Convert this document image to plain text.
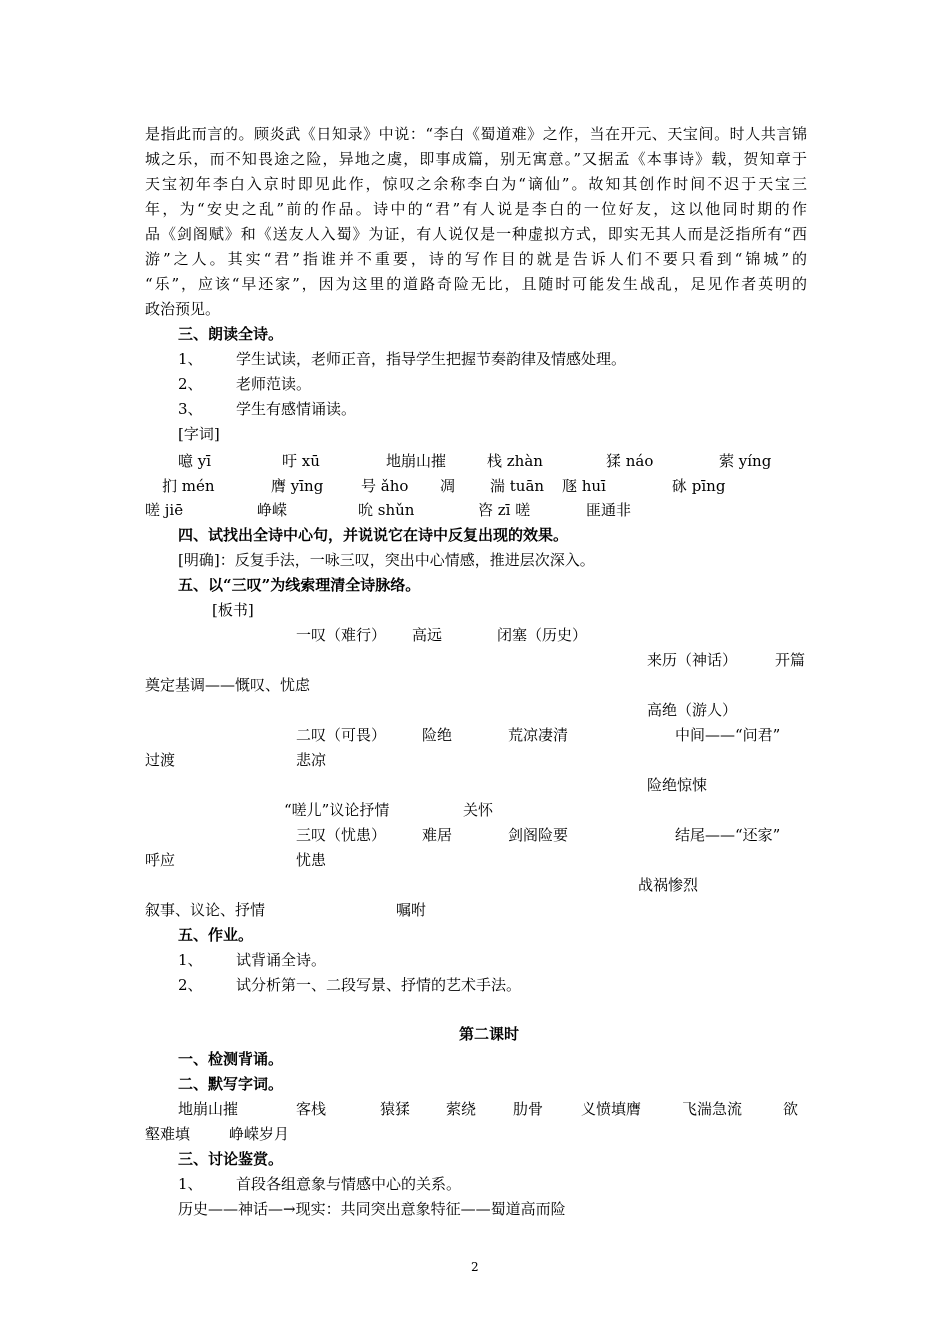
是指此而言的。顾炎武《日知录》中说：“李白《蜀道难》之作，当在开元、天宝间。时人共言锦
城之乐，而不知畏途之险，异地之虞，即事成篇，别无寓意。”又据孟《本事诗》载，贺知章于
天宝初年李白入京时即见此作，惊叹之余称李白为“谪仙”。故知其创作时间不迟于天宝三
年，为“安史之乱”前的作品。诗中的“君”有人说是李白的一位好友，这以他同时期的作
品《剑阁赋》和《送友人入蜀》为证，有人说仅是一种虚拟方式，即实无其人而是泛指所有“西
游”之人。其实“君”指谁并不重要，诗的写作目的就是告诉人们不要只看到“锦城”的
“乐”，应该“早还家”，因为这里的道路奇险无比，且随时可能发生战乱，足见作者英明的
政治预见。
三、朗读全诗。
1、 学生试读，老师正音，指导学生把握节奏韵律及情感处理。
2、 老师范读。
3、 学生有感情诵读。
[字词]
噫 yī	吁 xū	地崩山摧	栈 zhàn	猱 náo	萦 yíng
扪 mén	膺 yīng	号 ǎho 凋 湍 tuān 豗 huī	砯 pīng
嗟 jiē	峥嵘	吮 shǔn	咨 zī 嗟	匪通非
四、试找出全诗中心句，并说说它在诗中反复出现的效果。
[明确]：反复手法，一咏三叹，突出中心情感，推进层次深入。
五、以“三叹”为线索理清全诗脉络。
[板书]
一叹（难行） 高远	闭塞（历史）
来历（神话）	开篇
奠定基调——慨叹、忧虑
高绝（游人）
二叹（可畏） 险绝	荒凉凄清	中间——“问君”
过渡	悲凉
险绝惊悚
“嗟儿”议论抒情	关怀
三叹（忧患） 难居	剑阁险要	结尾——“还家”
呼应	忧患
战祸惨烈
叙事、议论、抒情	嘱咐
五、作业。
1、 试背诵全诗。
2、 试分析第一、二段写景、抒情的艺术手法。
第二课时
一、检测背诵。
二、默写字词。
地崩山摧	客栈	猿猱 萦绕 肋骨	义愤填膺	飞湍急流	欲
壑难填	峥嵘岁月
三、讨论鉴赏。
1、 首段各组意象与情感中心的关系。
历史——神话—→现实：共同突出意象特征——蜀道高而险
2
